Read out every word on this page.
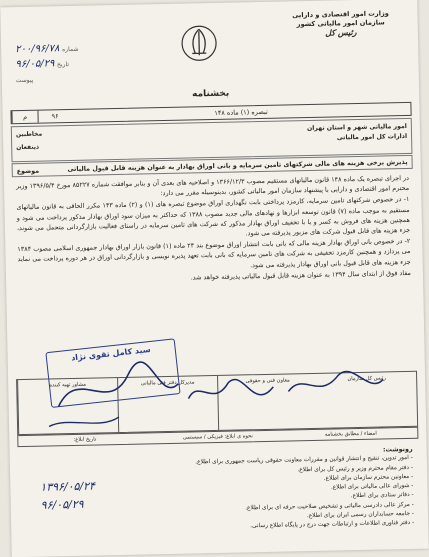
وزارت امور اقتصادی و دارایی
سازمان امور مالیاتی کشور
رئیس کل
۲۰۰/۹۶/۷۸ شماره
۹۶/۰۵/۲۹ تاریخ
پیوست
بخشنامه
م	۹۶	تبصره (۱) ماده ۱۴۸
امور مالیاتی شهر و استان تهران
ادارات کل امور مالیاتی
مخاطبین
ذینفعان
پذیرش برخی هزینه های مالی شرکتهای تامین سرمایه و بانی اوراق بهادار به عنوان هزینه قابل قبول مالیاتی
موضوع

در اجرای تبصره یک ماده ۱۴۸ قانون مالیاتهای مستقیم مصوب ۱۳۶۶/۱۲/۳ و اصلاحیه های بعدی آن و بنابر موافقت شماره ۸۵۲۲۷ مورخ ۱۳۹۶/۵/۴ وزیر محترم امور اقتصادی و دارایی با پیشنهاد سازمان امور مالیاتی کشور، بدینوسیله مقرر می دارد:

۱- در خصوص شرکتهای تامین سرمایه، کارمزد پرداختی بابت نگهداری اوراق موضوع تبصره های (۱) و (۲) ماده ۱۴۳ مکرر الحاقی به قانون مالیاتهای مستقیم به موجب ماده (۷) قانون توسعه ابزارها و نهادهای مالی جدید مصوب ۱۳۸۸ که حداکثر به میزان سود اوراق بهادار مذکور پرداخت می شود و همچنین هزینه های فروش به کسر و یا با تخفیف اوراق بهادار مذکور که شرکت های تامین سرمایه در راستای فعالیت بازارگردانی متحمل می شوند، جزء هزینه های قابل قبول شرکت های مزبور پذیرفته می شود.

۲- در خصوص بانی اوراق بهادار هزینه مالی که بانی بابت انتشار اوراق موضوع بند ۲۴ ماده (۱) قانون بازار اوراق بهادار جمهوری اسلامی مصوب ۱۳۸۴ می پردازد و همچنین کارمزد تخفیفی به شرکت های تامین سرمایه که بانی بابت تعهد پذیره نویسی و بازارگردانی اوراق در هر دوره پرداخت می نماید جزء هزینه های قابل قبول بانی اوراق بهادار پذیرفته می شود.

مفاد فوق از ابتدای سال ۱۳۹۴ به عنوان هزینه قابل قبول مالیاتی پذیرفته خواهد شد.

سید کامل تقوی نژاد
مشاور تهیه کننده	مدیرکل دفتر فنی مالیاتی	معاون فنی و حقوقی	رئیس کل سازمان
تاریخ ابلاغ:	نحوه ی ابلاغ: فیزیکی / سیستمی	امضاء / مطابق بخشنامه
رونوشت:
- امور تدوین، تنقیح و انتشار قوانین و مقررات معاونت حقوقی ریاست جمهوری برای اطلاع.
- دفتر مقام محترم وزیر و رئیس کل برای اطلاع.
- معاونین محترم سازمان برای اطلاع.
- شورای عالی مالیاتی برای اطلاع.
- دفاتر ستادی برای اطلاع.
- مرکز عالی دادرسی مالیاتی و تشخیص صلاحیت حرفه ای برای اطلاع.
- جامعه حسابداران رسمی ایران برای اطلاع.
- دفتر فناوری اطلاعات و ارتباطات جهت درج در پایگاه اطلاع رسانی.
۱۳۹۶/۰۵/۲۴
۹۶/۰۵/۲۹
